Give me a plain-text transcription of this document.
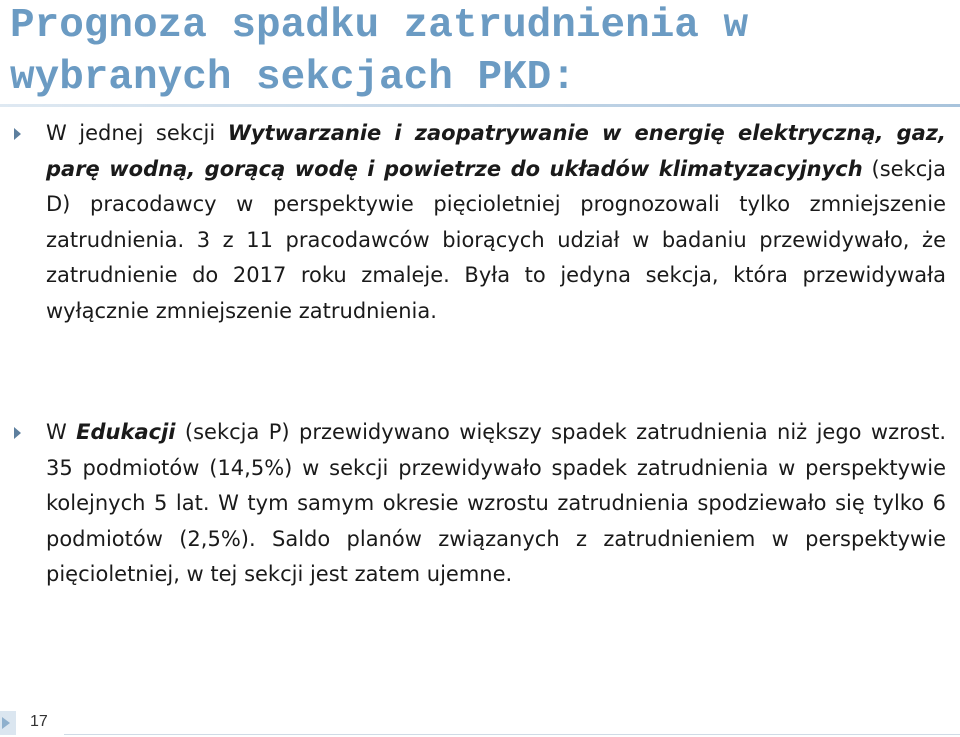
Prognoza spadku zatrudnienia w wybranych sekcjach PKD:
W jednej sekcji Wytwarzanie i zaopatrywanie w energię elektryczną, gaz, parę wodną, gorącą wodę i powietrze do układów klimatyzacyjnych (sekcja D) pracodawcy w perspektywie pięcioletniej prognozowali tylko zmniejszenie zatrudnienia. 3 z 11 pracodawców biorących udział w badaniu przewidywało, że zatrudnienie do 2017 roku zmaleje. Była to jedyna sekcja, która przewidywała wyłącznie zmniejszenie zatrudnienia.
W Edukacji (sekcja P) przewidywano większy spadek zatrudnienia niż jego wzrost. 35 podmiotów (14,5%) w sekcji przewidywało spadek zatrudnienia w perspektywie kolejnych 5 lat. W tym samym okresie wzrostu zatrudnienia spodziewało się tylko 6 podmiotów (2,5%). Saldo planów związanych z zatrudnieniem w perspektywie pięcioletniej, w tej sekcji jest zatem ujemne.
17
